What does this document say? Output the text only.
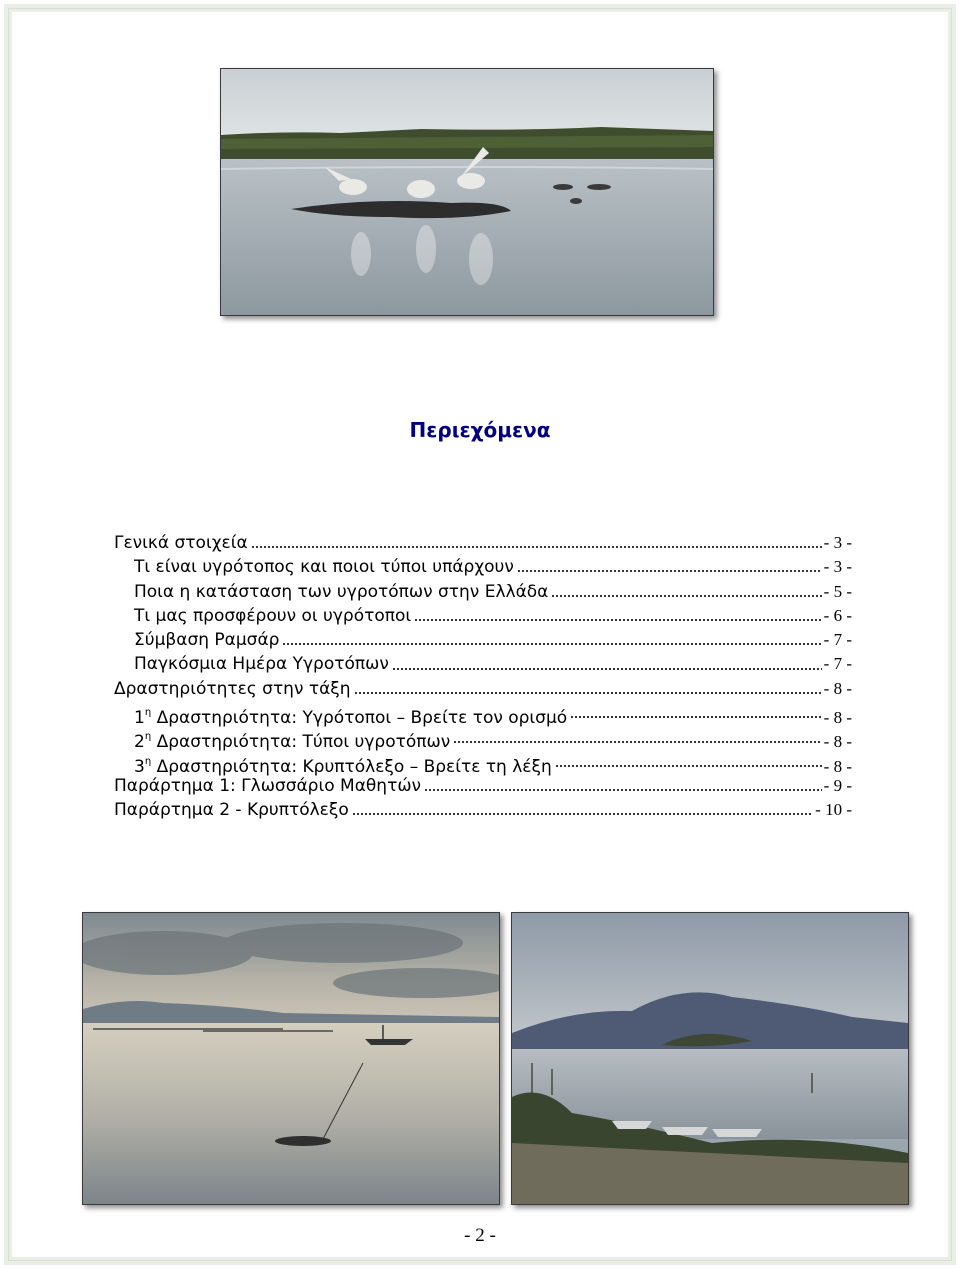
Περιεχόμενα
Γενικά στοιχεία	- 3 -
Τι είναι υγρότοπος και ποιοι τύποι υπάρχουν	- 3 -
Ποια η κατάσταση των υγροτόπων στην Ελλάδα	- 5 -
Τι μας προσφέρουν οι υγρότοποι	- 6 -
Σύμβαση Ραμσάρ	- 7 -
Παγκόσμια Ημέρα Υγροτόπων	- 7 -
Δραστηριότητες στην τάξη	- 8 -
$1^\eta$ Δραστηριότητα: Υγρότοποι – Βρείτε τον ορισμό	- 8 -
$2^\eta$ Δραστηριότητα: Τύποι υγροτόπων	- 8 -
$3^\eta$ Δραστηριότητα: Κρυπτόλεξο – Βρείτε τη λέξη	- 8 -
Παράρτημα 1: Γλωσσάριο Μαθητών	- 9 -
Παράρτημα 2 - Κρυπτόλεξο	- 10 -
- 2 -
